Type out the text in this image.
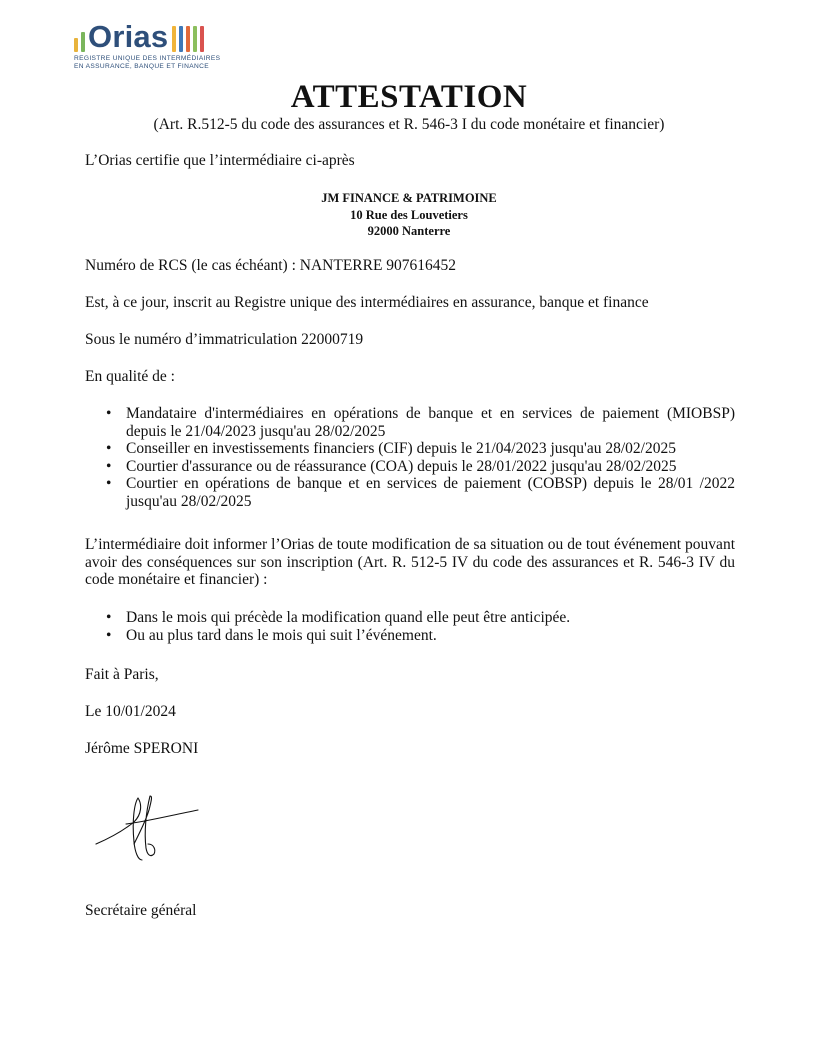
Orias
REGISTRE UNIQUE DES INTERMÉDIAIRES
EN ASSURANCE, BANQUE ET FINANCE
ATTESTATION
(Art. R.512-5 du code des assurances et R. 546-3 I du code monétaire et financier)
L’Orias certifie que l’intermédiaire ci-après
JM FINANCE & PATRIMOINE
10 Rue des Louvetiers
92000 Nanterre
Numéro de RCS (le cas échéant) : NANTERRE 907616452
Est, à ce jour, inscrit au Registre unique des intermédiaires en assurance, banque et finance
Sous le numéro d’immatriculation 22000719
En qualité de :
• Mandataire d'intermédiaires en opérations de banque et en services de paiement (MIOBSP) depuis le 21/04/2023 jusqu'au 28/02/2025
• Conseiller en investissements financiers (CIF) depuis le 21/04/2023 jusqu'au 28/02/2025
• Courtier d'assurance ou de réassurance (COA) depuis le 28/01/2022 jusqu'au 28/02/2025
• Courtier en opérations de banque et en services de paiement (COBSP) depuis le 28/01 /2022 jusqu'au 28/02/2025
L’intermédiaire doit informer l’Orias de toute modification de sa situation ou de tout événement pouvant avoir des conséquences sur son inscription (Art. R. 512-5 IV du code des assurances et R. 546-3 IV du code monétaire et financier) :
• Dans le mois qui précède la modification quand elle peut être anticipée.
• Ou au plus tard dans le mois qui suit l’événement.
Fait à Paris,
Le 10/01/2024
Jérôme SPERONI
Secrétaire général
